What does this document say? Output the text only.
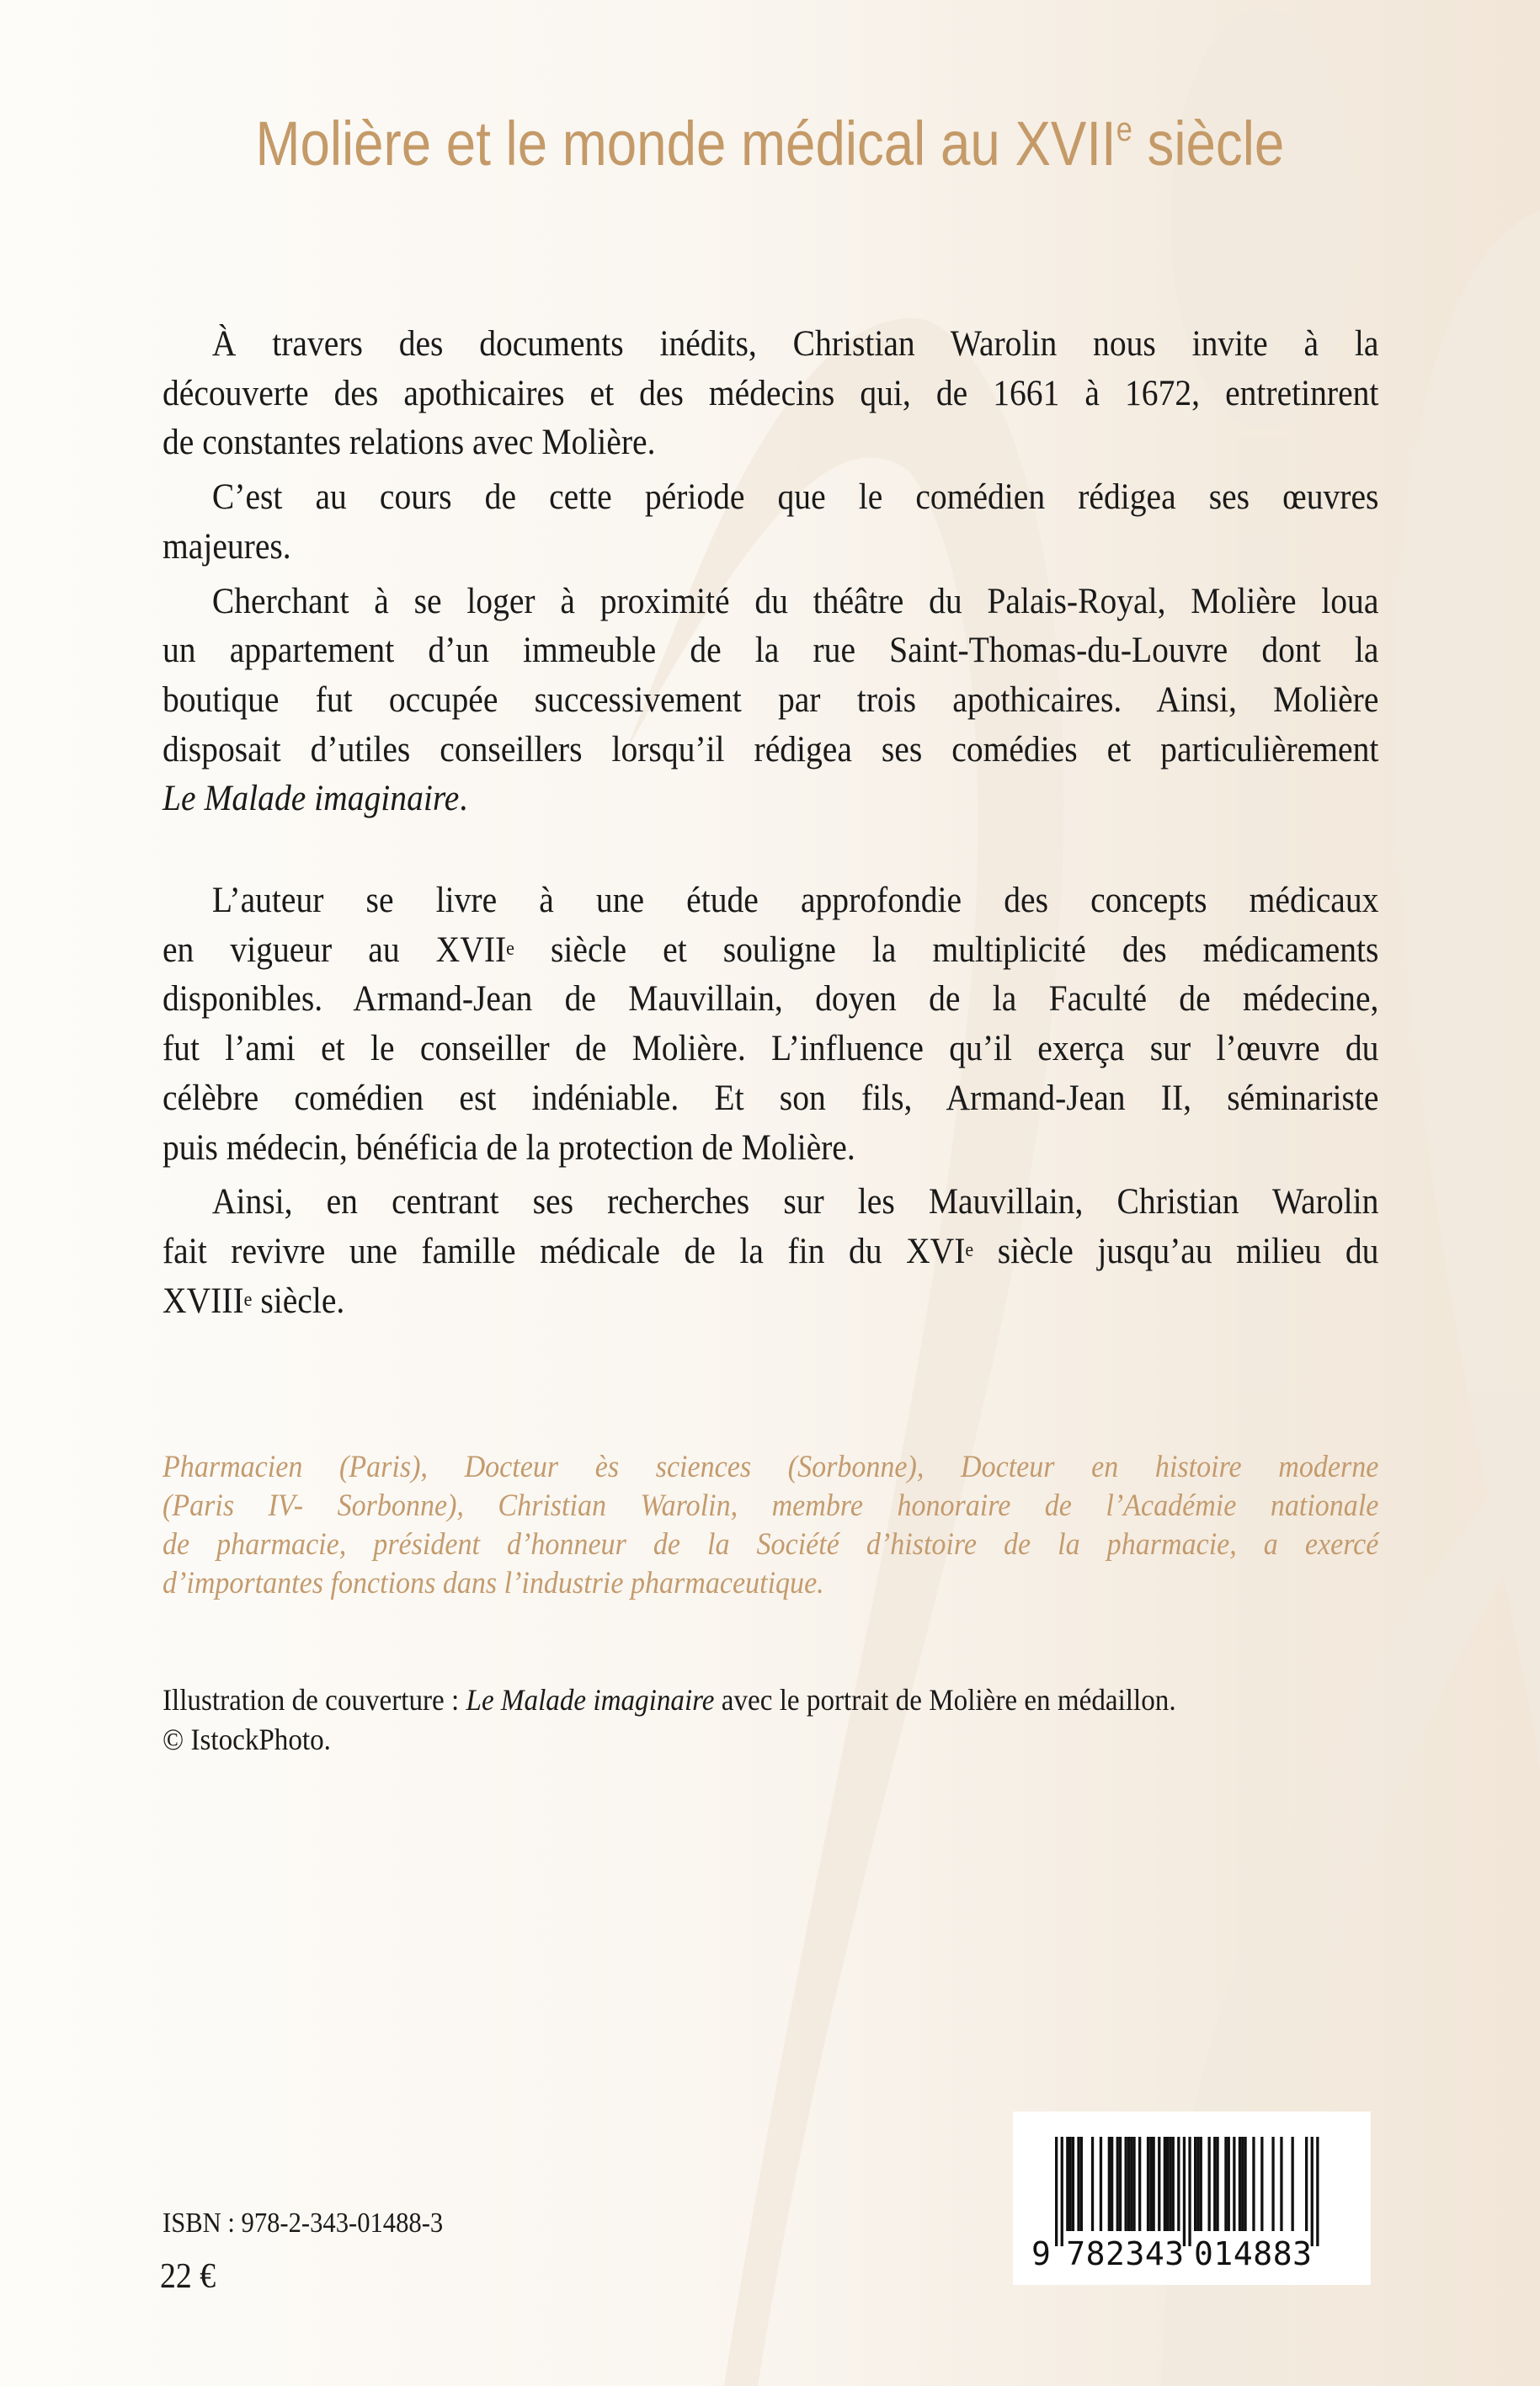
Molière et le monde médical au XVIIe siècle
À travers des documents inédits, Christian Warolin nous invite à la
découverte des apothicaires et des médecins qui, de 1661 à 1672, entretinrent
de constantes relations avec Molière.
C’est au cours de cette période que le comédien rédigea ses œuvres
majeures.
Cherchant à se loger à proximité du théâtre du Palais-Royal, Molière loua
un appartement d’un immeuble de la rue Saint-Thomas-du-Louvre dont la
boutique fut occupée successivement par trois apothicaires. Ainsi, Molière
disposait d’utiles conseillers lorsqu’il rédigea ses comédies et particulièrement
Le Malade imaginaire.
L’auteur se livre à une étude approfondie des concepts médicaux
en vigueur au XVIIe siècle et souligne la multiplicité des médicaments
disponibles. Armand-Jean de Mauvillain, doyen de la Faculté de médecine,
fut l’ami et le conseiller de Molière. L’influence qu’il exerça sur l’œuvre du
célèbre comédien est indéniable. Et son fils, Armand-Jean II, séminariste
puis médecin, bénéficia de la protection de Molière.
Ainsi, en centrant ses recherches sur les Mauvillain, Christian Warolin
fait revivre une famille médicale de la fin du XVIe siècle jusqu’au milieu du
XVIIIe siècle.
Pharmacien (Paris), Docteur ès sciences (Sorbonne), Docteur en histoire moderne
(Paris IV- Sorbonne), Christian Warolin, membre honoraire de l’Académie nationale
de pharmacie, président d’honneur de la Société d’histoire de la pharmacie, a exercé
d’importantes fonctions dans l’industrie pharmaceutique.
Illustration de couverture : Le Malade imaginaire avec le portrait de Molière en médaillon.
© IstockPhoto.
ISBN : 978-2-343-01488-3
22 €
9 782343 014883
